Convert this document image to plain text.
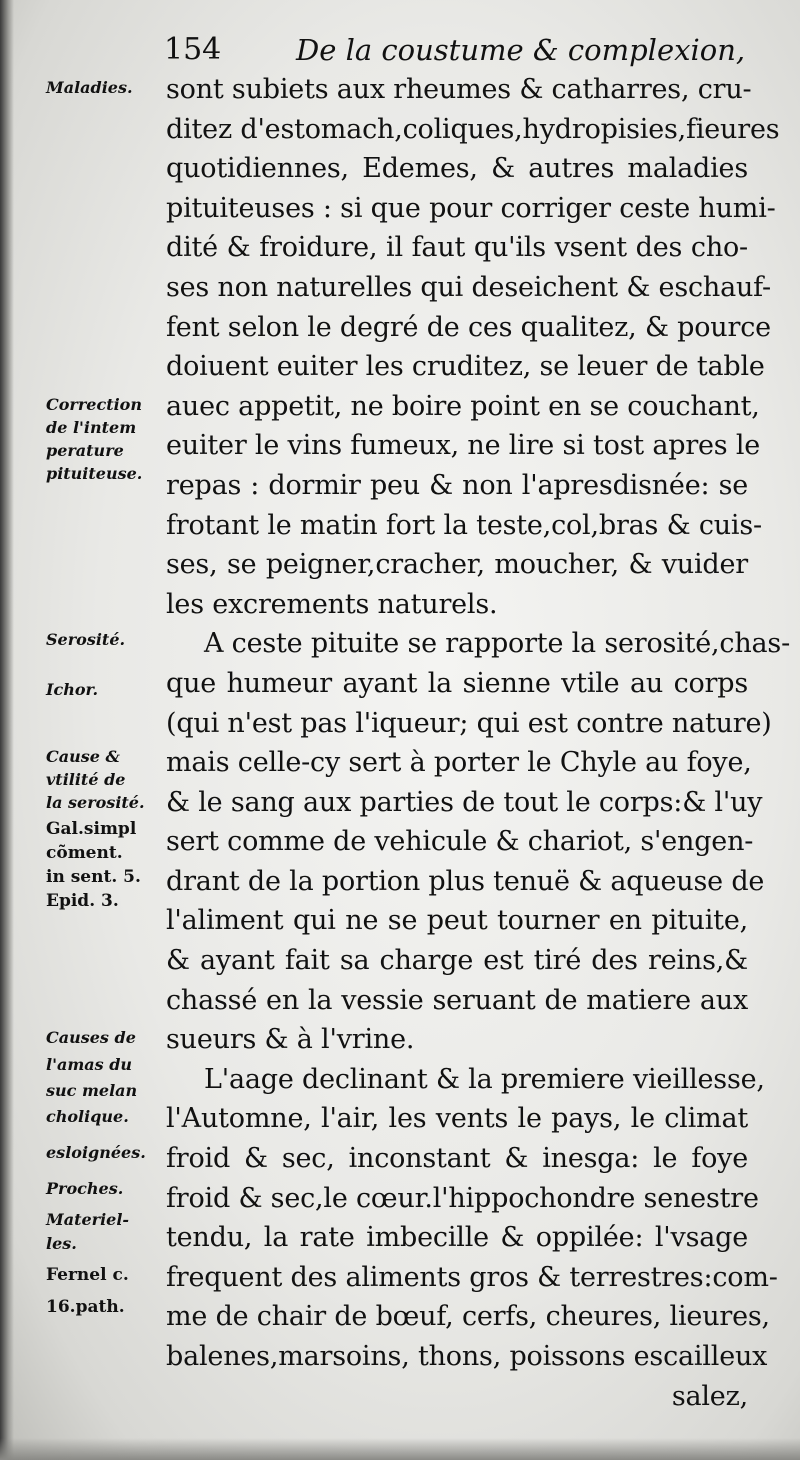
154	De la coustume & complexion,
Maladies.
Correction
de l'intem
perature
pituiteuse.
Serosité.
Ichor.
Cause &
vtilité de
la serosité.
Gal.simpl
cõment.
in sent. 5.
Epid. 3.
Causes de
l'amas du
suc melan
cholique.
esloignées.
Proches.
Materiel-
les.
Fernel c.
16.path.
sont subiets aux rheumes & catharres, cru-
ditez d'estomach,coliques,hydropisies,fieures
quotidiennes, Edemes, & autres maladies
pituiteuses : si que pour corriger ceste humi-
dité & froidure, il faut qu'ils vsent des cho-
ses non naturelles qui deseichent & eschauf-
fent selon le degré de ces qualitez, & pource
doiuent euiter les cruditez, se leuer de table
auec appetit, ne boire point en se couchant,
euiter le vins fumeux, ne lire si tost apres le
repas : dormir peu & non l'apresdisnée: se
frotant le matin fort la teste,col,bras & cuis-
ses, se peigner,cracher, moucher, & vuider
les excrements naturels.
A ceste pituite se rapporte la serosité,chas-
que humeur ayant la sienne vtile au corps
(qui n'est pas l'iqueur; qui est contre nature)
mais celle-cy sert à porter le Chyle au foye,
& le sang aux parties de tout le corps:& l'uy
sert comme de vehicule & chariot, s'engen-
drant de la portion plus tenuë & aqueuse de
l'aliment qui ne se peut tourner en pituite,
& ayant fait sa charge est tiré des reins,&
chassé en la vessie seruant de matiere aux
sueurs & à l'vrine.
L'aage declinant & la premiere vieillesse,
l'Automne, l'air, les vents le pays, le climat
froid & sec, inconstant & inesga: le foye
froid & sec,le cœur.l'hippochondre senestre
tendu, la rate imbecille & oppilée: l'vsage
frequent des aliments gros & terrestres:com-
me de chair de bœuf, cerfs, cheures, lieures,
balenes,marsoins, thons, poissons escailleux
salez,
